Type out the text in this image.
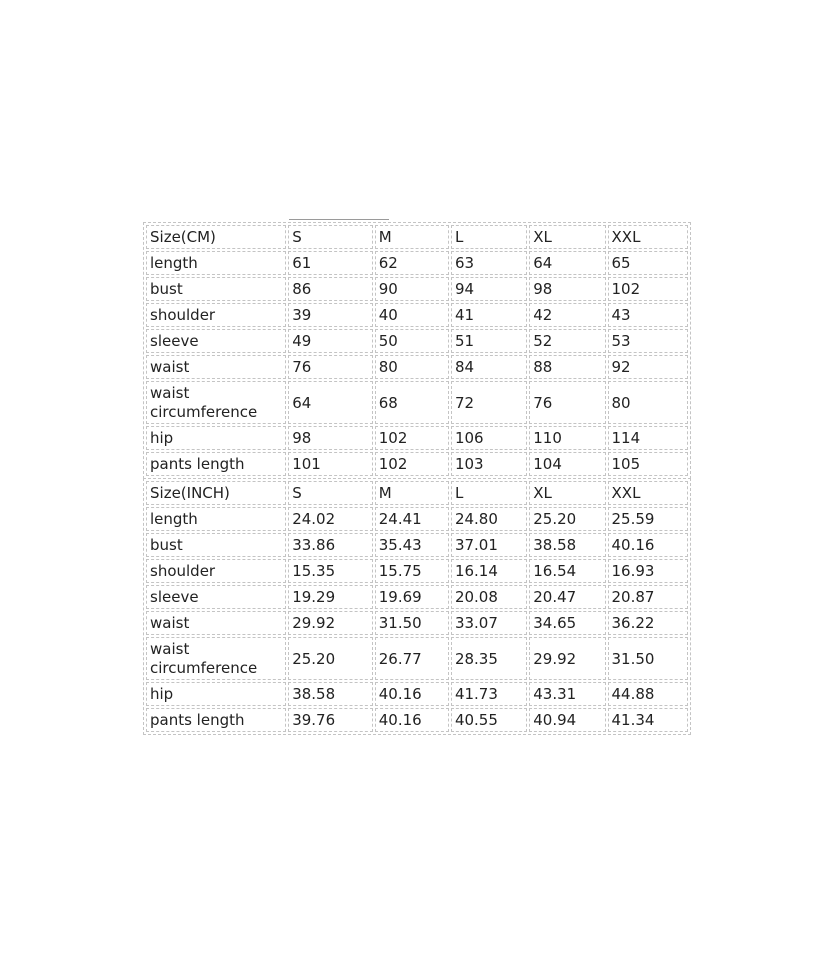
Size(CM)	S	M	L	XL	XXL
length	61	62	63	64	65
bust	86	90	94	98	102
shoulder	39	40	41	42	43
sleeve	49	50	51	52	53
waist	76	80	84	88	92
waist circumference	64	68	72	76	80
hip	98	102	106	110	114
pants length	101	102	103	104	105
Size(INCH)	S	M	L	XL	XXL
length	24.02	24.41	24.80	25.20	25.59
bust	33.86	35.43	37.01	38.58	40.16
shoulder	15.35	15.75	16.14	16.54	16.93
sleeve	19.29	19.69	20.08	20.47	20.87
waist	29.92	31.50	33.07	34.65	36.22
waist circumference	25.20	26.77	28.35	29.92	31.50
hip	38.58	40.16	41.73	43.31	44.88
pants length	39.76	40.16	40.55	40.94	41.34
